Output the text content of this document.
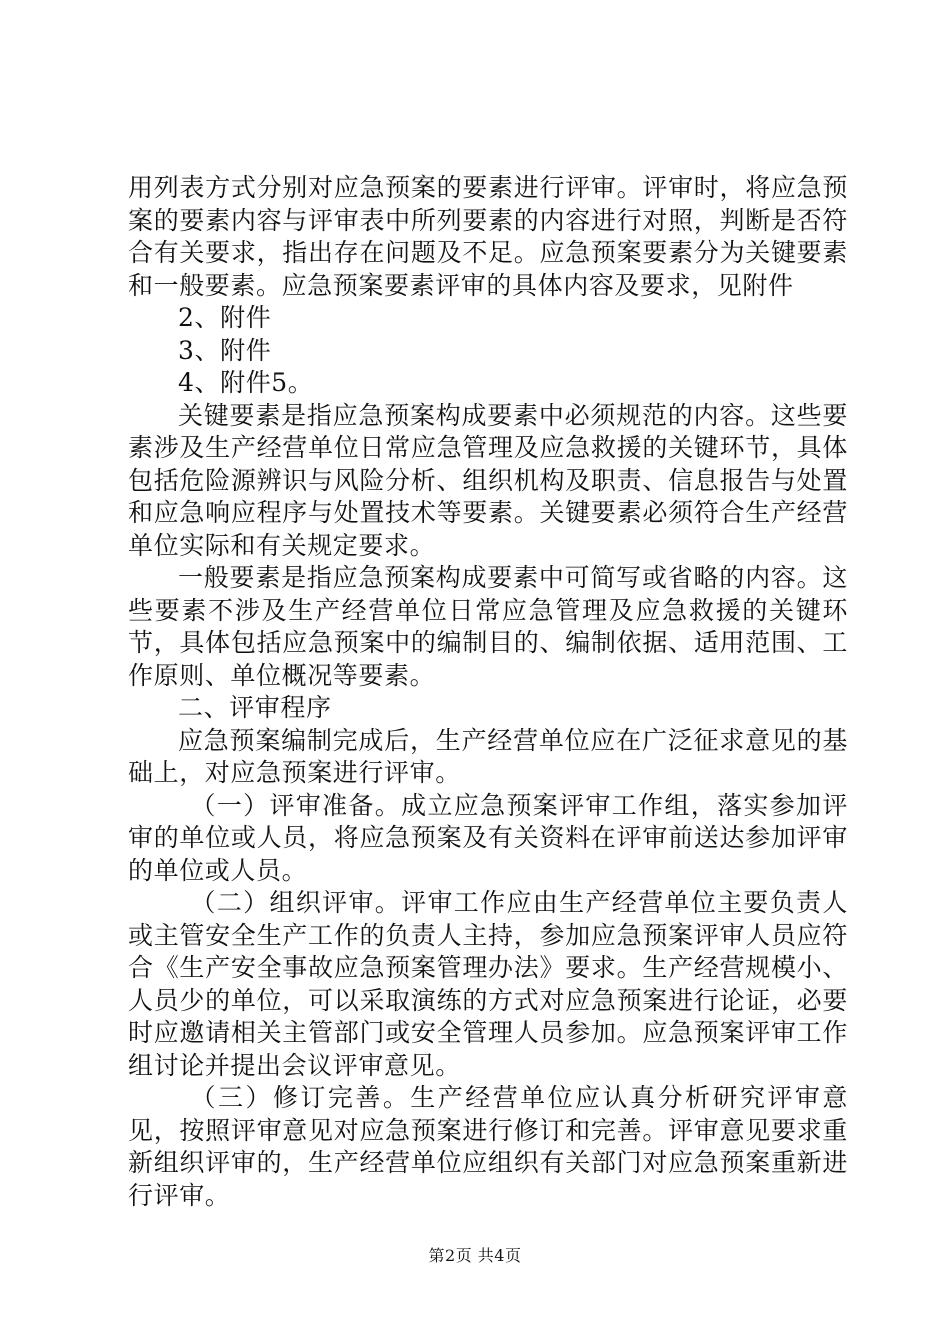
用列表方式分别对应急预案的要素进行评审。评审时，将应急预案的要素内容与评审表中所列要素的内容进行对照，判断是否符合有关要求，指出存在问题及不足。应急预案要素分为关键要素和一般要素。应急预案要素评审的具体内容及要求，见附件

2、附件

3、附件

4、附件5。

关键要素是指应急预案构成要素中必须规范的内容。这些要素涉及生产经营单位日常应急管理及应急救援的关键环节，具体包括危险源辨识与风险分析、组织机构及职责、信息报告与处置和应急响应程序与处置技术等要素。关键要素必须符合生产经营单位实际和有关规定要求。

一般要素是指应急预案构成要素中可简写或省略的内容。这些要素不涉及生产经营单位日常应急管理及应急救援的关键环节，具体包括应急预案中的编制目的、编制依据、适用范围、工作原则、单位概况等要素。

二、评审程序

应急预案编制完成后，生产经营单位应在广泛征求意见的基础上，对应急预案进行评审。

（一）评审准备。成立应急预案评审工作组，落实参加评审的单位或人员，将应急预案及有关资料在评审前送达参加评审的单位或人员。

（二）组织评审。评审工作应由生产经营单位主要负责人或主管安全生产工作的负责人主持，参加应急预案评审人员应符合《生产安全事故应急预案管理办法》要求。生产经营规模小、人员少的单位，可以采取演练的方式对应急预案进行论证，必要时应邀请相关主管部门或安全管理人员参加。应急预案评审工作组讨论并提出会议评审意见。

（三）修订完善。生产经营单位应认真分析研究评审意见，按照评审意见对应急预案进行修订和完善。评审意见要求重新组织评审的，生产经营单位应组织有关部门对应急预案重新进行评审。

第2页 共4页
